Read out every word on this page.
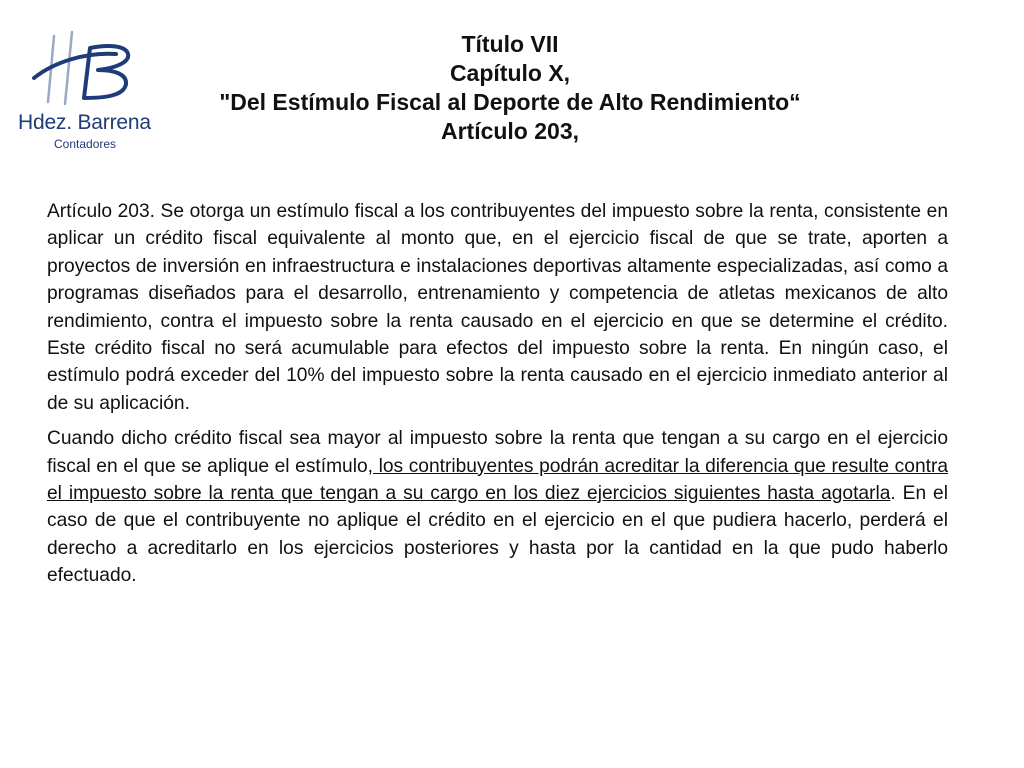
Hdez. Barrena
Contadores
Título VII
Capítulo X,
"Del Estímulo Fiscal al Deporte de Alto Rendimiento“
Artículo 203,

Artículo 203. Se otorga un estímulo fiscal a los contribuyentes del impuesto sobre la renta, consistente en aplicar un crédito fiscal equivalente al monto que, en el ejercicio fiscal de que se trate, aporten a proyectos de inversión en infraestructura e instalaciones deportivas altamente especializadas, así como a programas diseñados para el desarrollo, entrenamiento y competencia de atletas mexicanos de alto rendimiento, contra el impuesto sobre la renta causado en el ejercicio en que se determine el crédito. Este crédito fiscal no será acumulable para efectos del impuesto sobre la renta. En ningún caso, el estímulo podrá exceder del 10% del impuesto sobre la renta causado en el ejercicio inmediato anterior al de su aplicación.

Cuando dicho crédito fiscal sea mayor al impuesto sobre la renta que tengan a su cargo en el ejercicio fiscal en el que se aplique el estímulo, los contribuyentes podrán acreditar la diferencia que resulte contra el impuesto sobre la renta que tengan a su cargo en los diez ejercicios siguientes hasta agotarla. En el caso de que el contribuyente no aplique el crédito en el ejercicio en el que pudiera hacerlo, perderá el derecho a acreditarlo en los ejercicios posteriores y hasta por la cantidad en la que pudo haberlo efectuado.
